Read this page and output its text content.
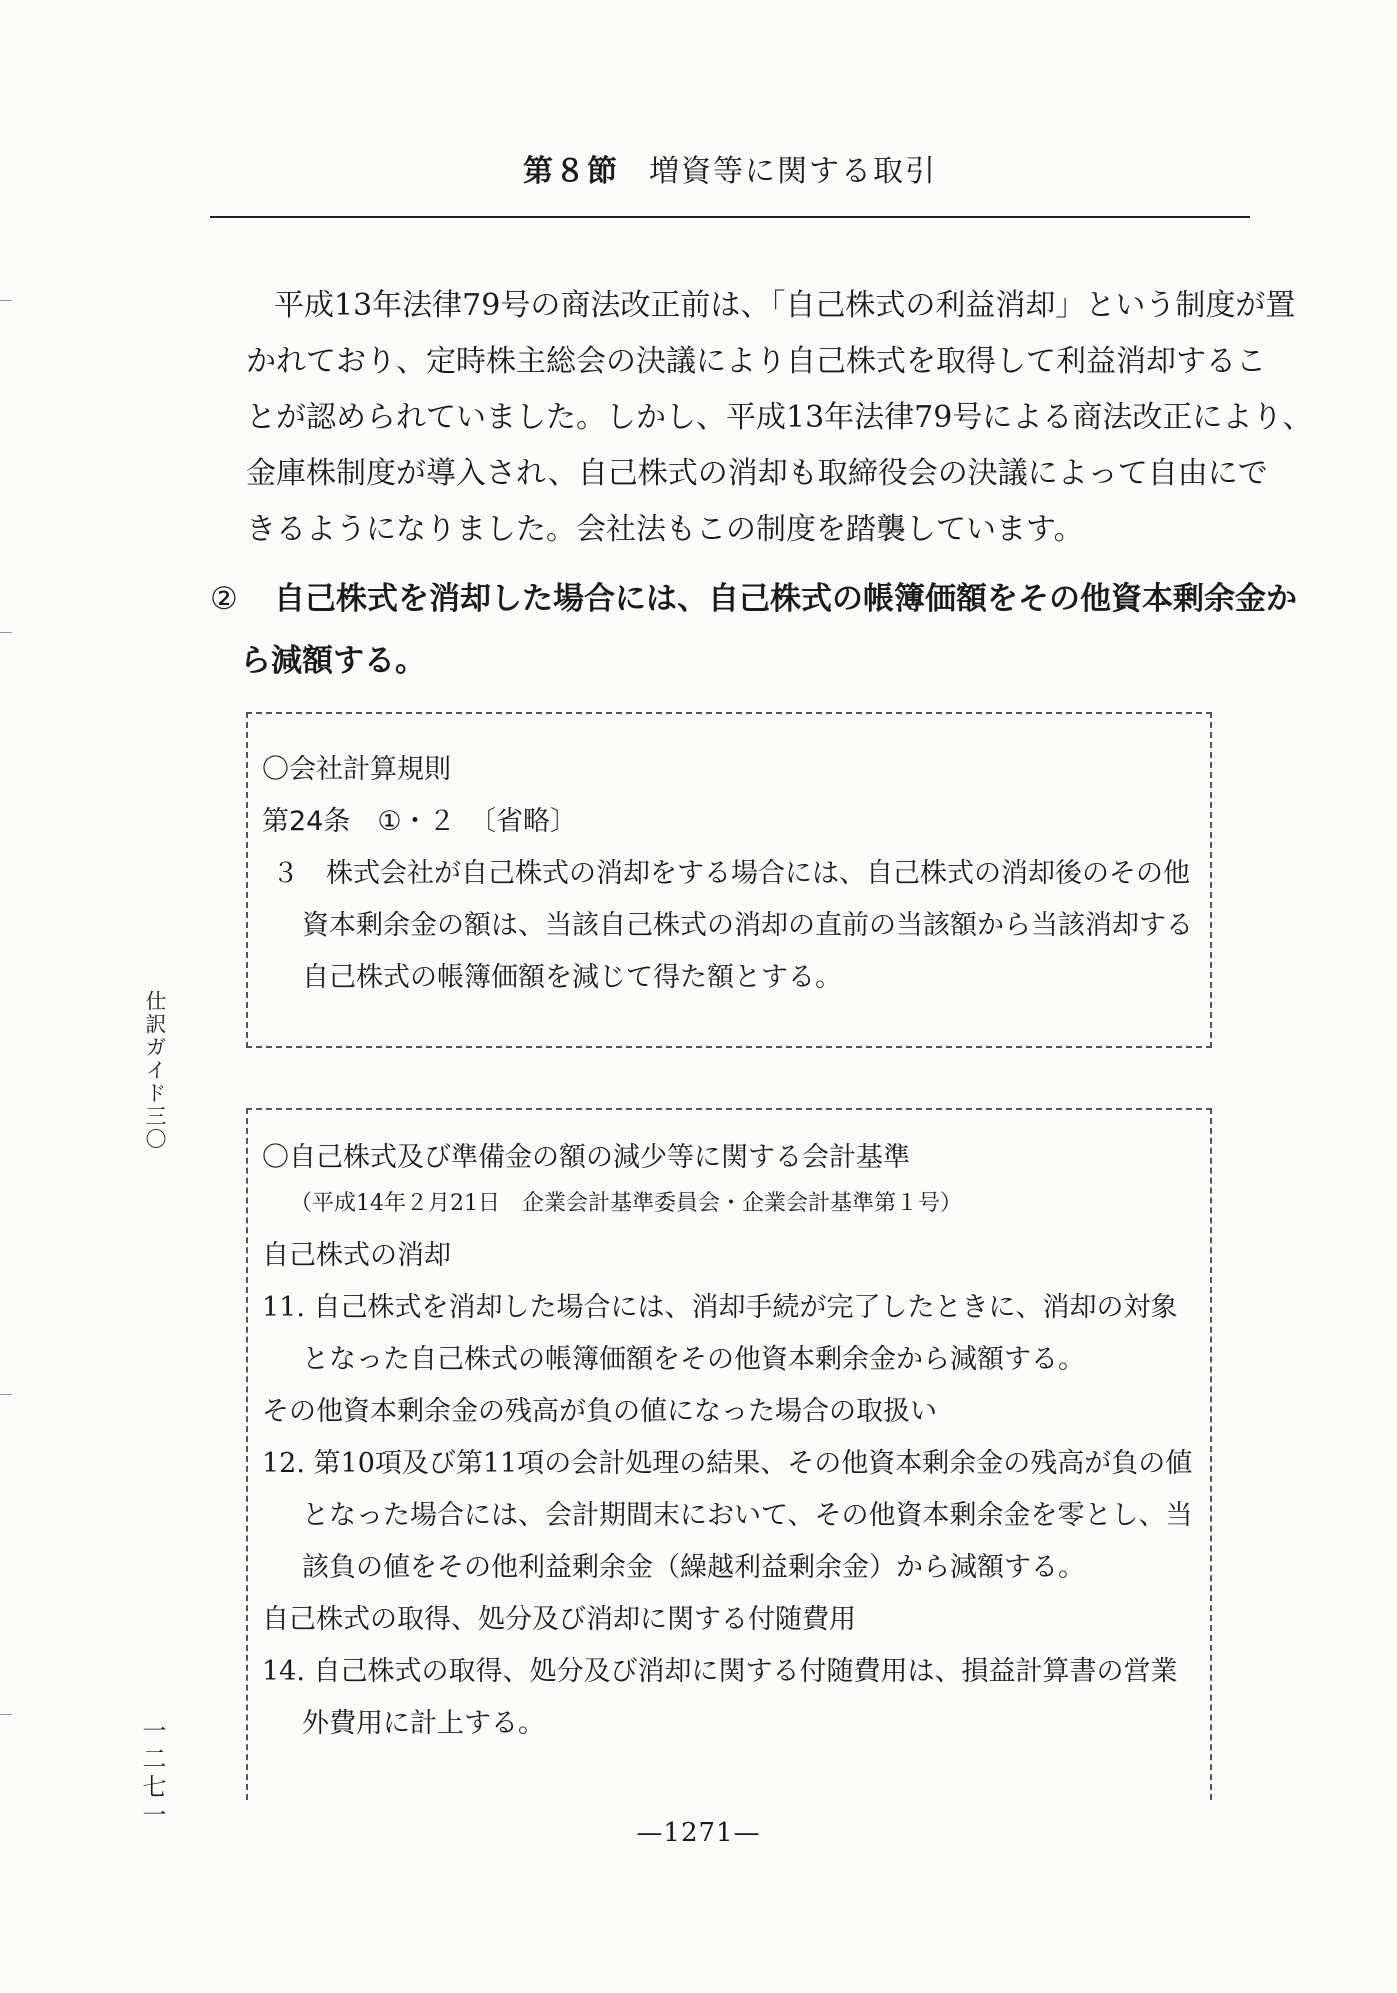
第８節 増資等に関する取引
平成13年法律79号の商法改正前は、「自己株式の利益消却」という制度が置
かれており、定時株主総会の決議により自己株式を取得して利益消却するこ
とが認められていました。しかし、平成13年法律79号による商法改正により、
金庫株制度が導入され、自己株式の消却も取締役会の決議によって自由にで
きるようになりました。会社法もこの制度を踏襲しています。
②	自己株式を消却した場合には、自己株式の帳簿価額をその他資本剰余金か
ら減額する。
〇会社計算規則
第24条　①・２　〔省略〕
３　株式会社が自己株式の消却をする場合には、自己株式の消却後のその他
資本剰余金の額は、当該自己株式の消却の直前の当該額から当該消却する
自己株式の帳簿価額を減じて得た額とする。
〇自己株式及び準備金の額の減少等に関する会計基準
（平成14年２月21日　企業会計基準委員会・企業会計基準第１号）
自己株式の消却
11. 自己株式を消却した場合には、消却手続が完了したときに、消却の対象
となった自己株式の帳簿価額をその他資本剰余金から減額する。
その他資本剰余金の残高が負の値になった場合の取扱い
12. 第10項及び第11項の会計処理の結果、その他資本剰余金の残高が負の値
となった場合には、会計期間末において、その他資本剰余金を零とし、当
該負の値をその他利益剰余金（繰越利益剰余金）から減額する。
自己株式の取得、処分及び消却に関する付随費用
14. 自己株式の取得、処分及び消却に関する付随費用は、損益計算書の営業
外費用に計上する。
仕訳ガイド三〇
一二七一
—1271—
